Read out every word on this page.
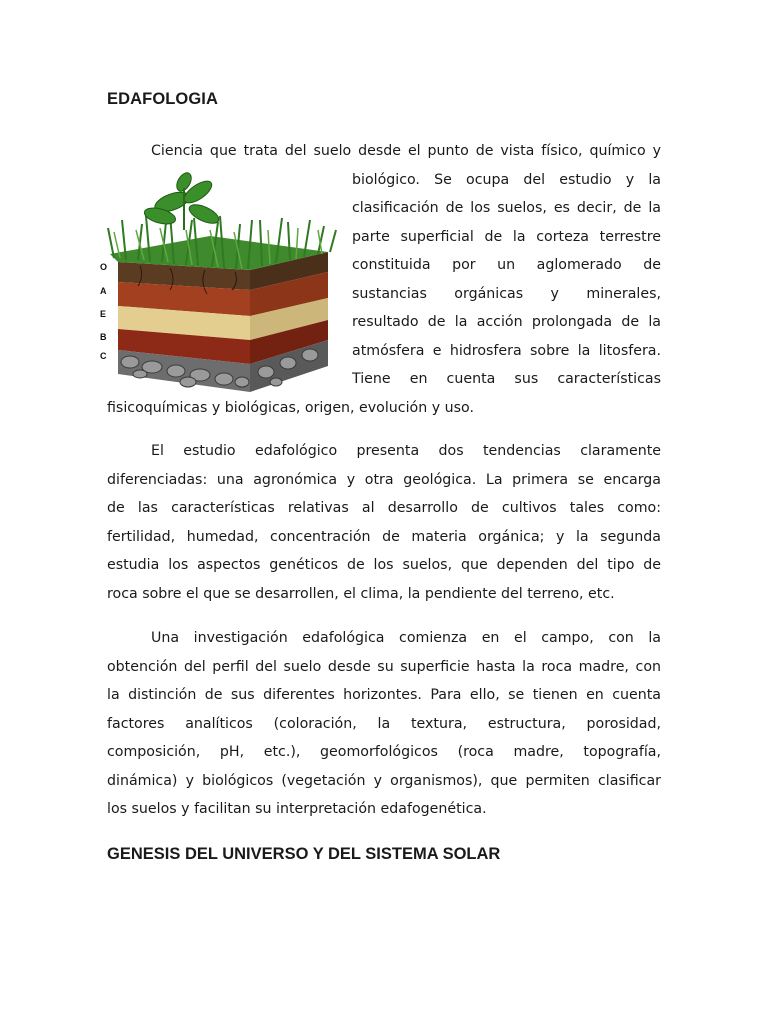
EDAFOLOGIA
Ciencia que trata del suelo desde el punto de vista físico, químico y
biológico. Se ocupa del estudio y la
clasificación de los suelos, es decir, de la
parte superficial de la corteza terrestre
constituida por un aglomerado de
sustancias orgánicas y minerales,
resultado de la acción prolongada de la
atmósfera e hidrosfera sobre la litosfera.
Tiene en cuenta sus características
fisicoquímicas y biológicas, origen, evolución y uso.
O
A
E
B
C
El estudio edafológico presenta dos tendencias claramente
diferenciadas: una agronómica y otra geológica. La primera se encarga
de las características relativas al desarrollo de cultivos tales como:
fertilidad, humedad, concentración de materia orgánica; y la segunda
estudia los aspectos genéticos de los suelos, que dependen del tipo de
roca sobre el que se desarrollen, el clima, la pendiente del terreno, etc.
Una investigación edafológica comienza en el campo, con la
obtención del perfil del suelo desde su superficie hasta la roca madre, con
la distinción de sus diferentes horizontes. Para ello, se tienen en cuenta
factores analíticos (coloración, la textura, estructura, porosidad,
composición, pH, etc.), geomorfológicos (roca madre, topografía,
dinámica) y biológicos (vegetación y organismos), que permiten clasificar
los suelos y facilitan su interpretación edafogenética.
GENESIS DEL UNIVERSO Y DEL SISTEMA SOLAR
